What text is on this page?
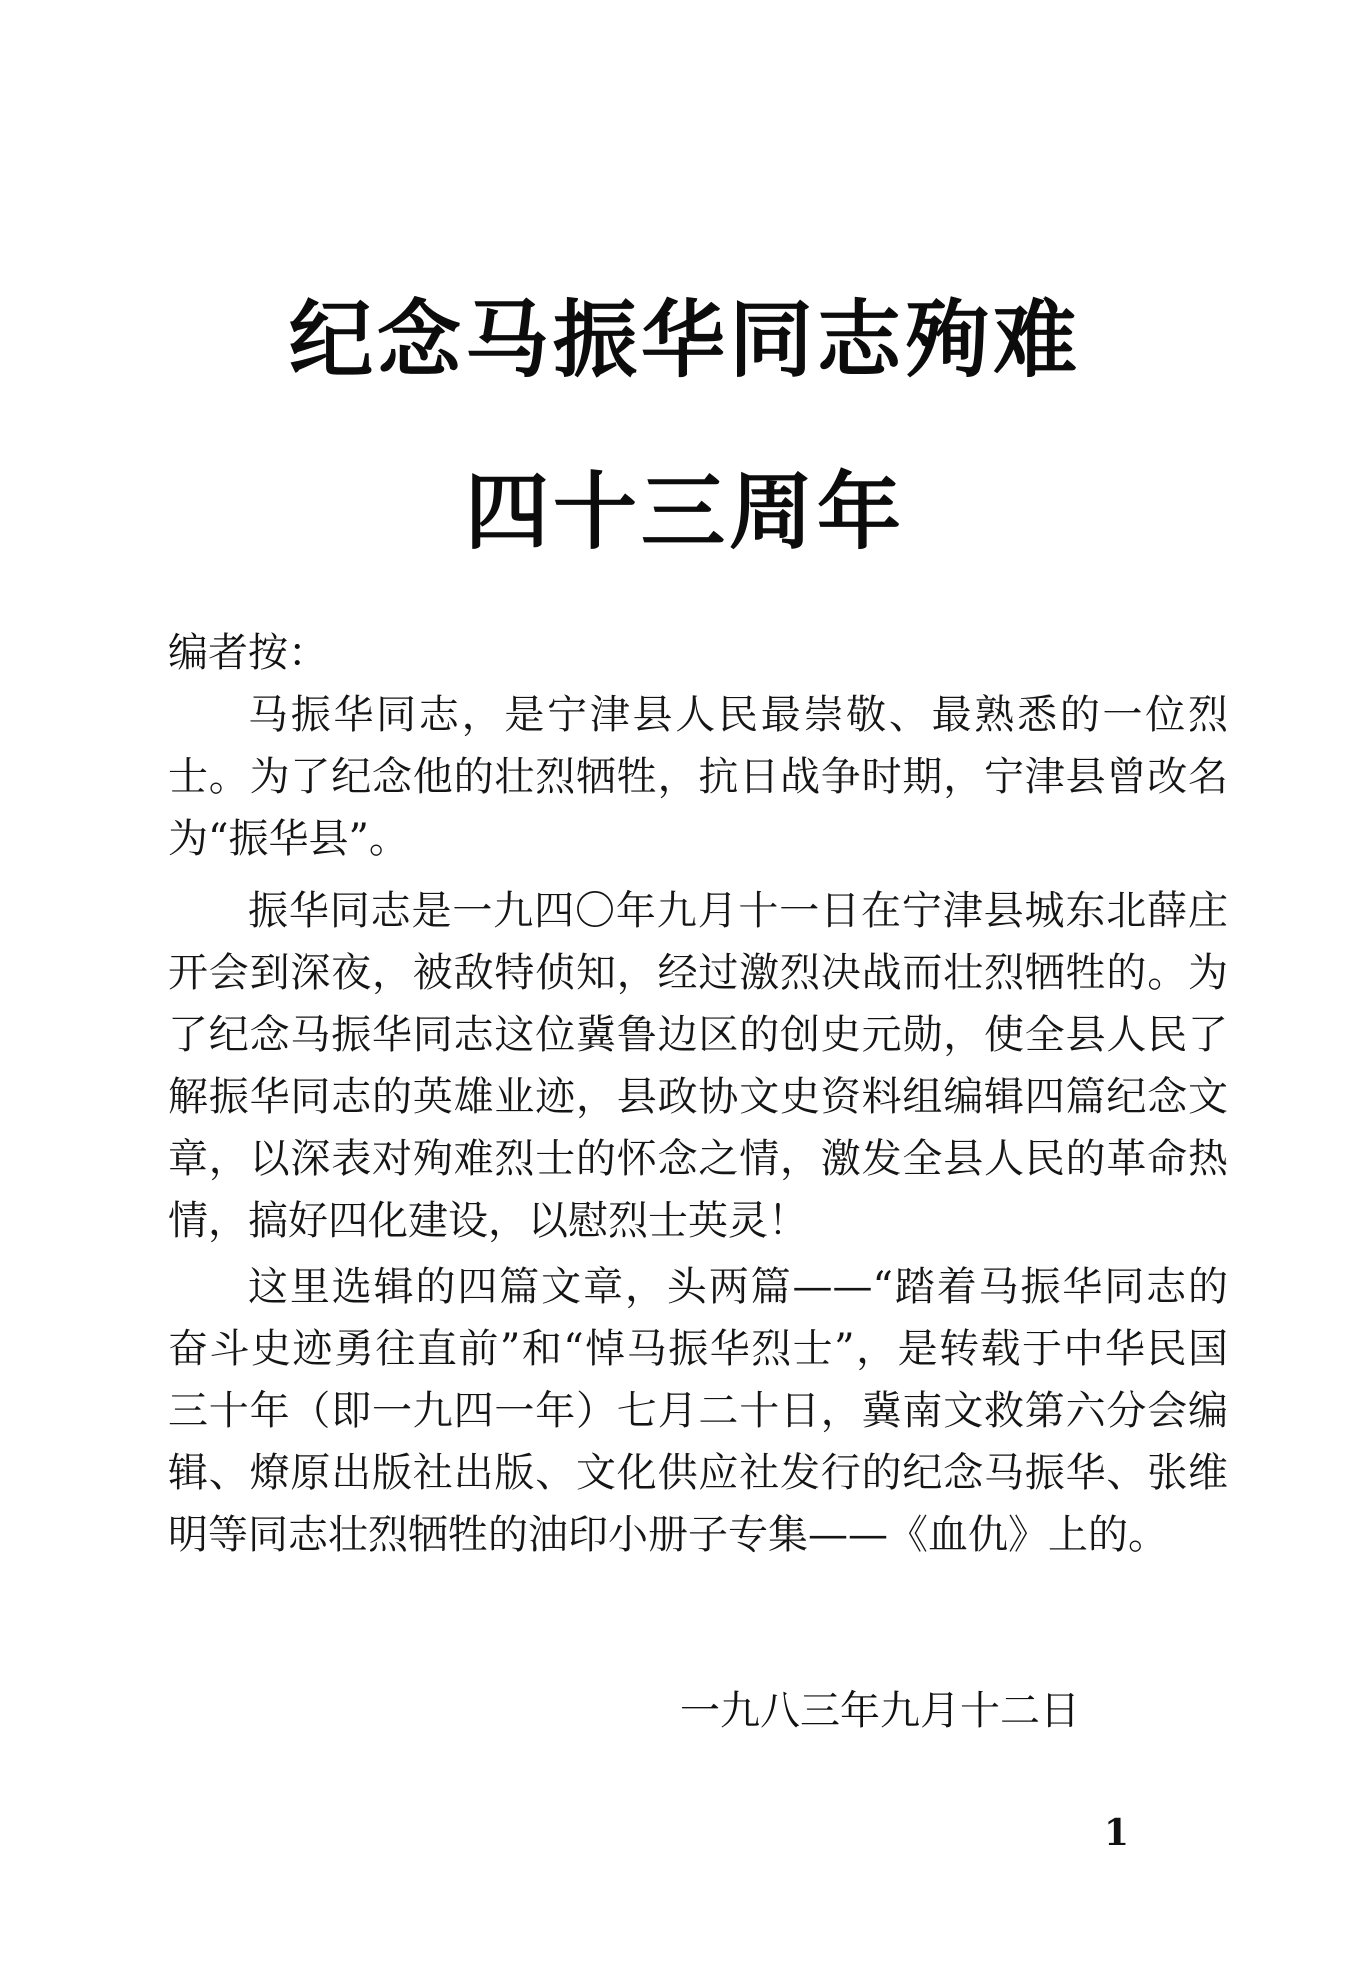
纪念马振华同志殉难
四十三周年
编者按：

马振华同志，是宁津县人民最崇敬、最熟悉的一位烈士。为了纪念他的壮烈牺牲，抗日战争时期，宁津县曾改名为“振华县”。

振华同志是一九四〇年九月十一日在宁津县城东北薛庄开会到深夜，被敌特侦知，经过激烈决战而壮烈牺牲的。为了纪念马振华同志这位冀鲁边区的创史元勋，使全县人民了解振华同志的英雄业迹，县政协文史资料组编辑四篇纪念文章，以深表对殉难烈士的怀念之情，激发全县人民的革命热情，搞好四化建设，以慰烈士英灵！

这里选辑的四篇文章，头两篇——“踏着马振华同志的奋斗史迹勇往直前”和“悼马振华烈士”，是转载于中华民国三十年（即一九四一年）七月二十日，冀南文救第六分会编辑、燎原出版社出版、文化供应社发行的纪念马振华、张维明等同志壮烈牺牲的油印小册子专集——《血仇》上的。

一九八三年九月十二日
1
